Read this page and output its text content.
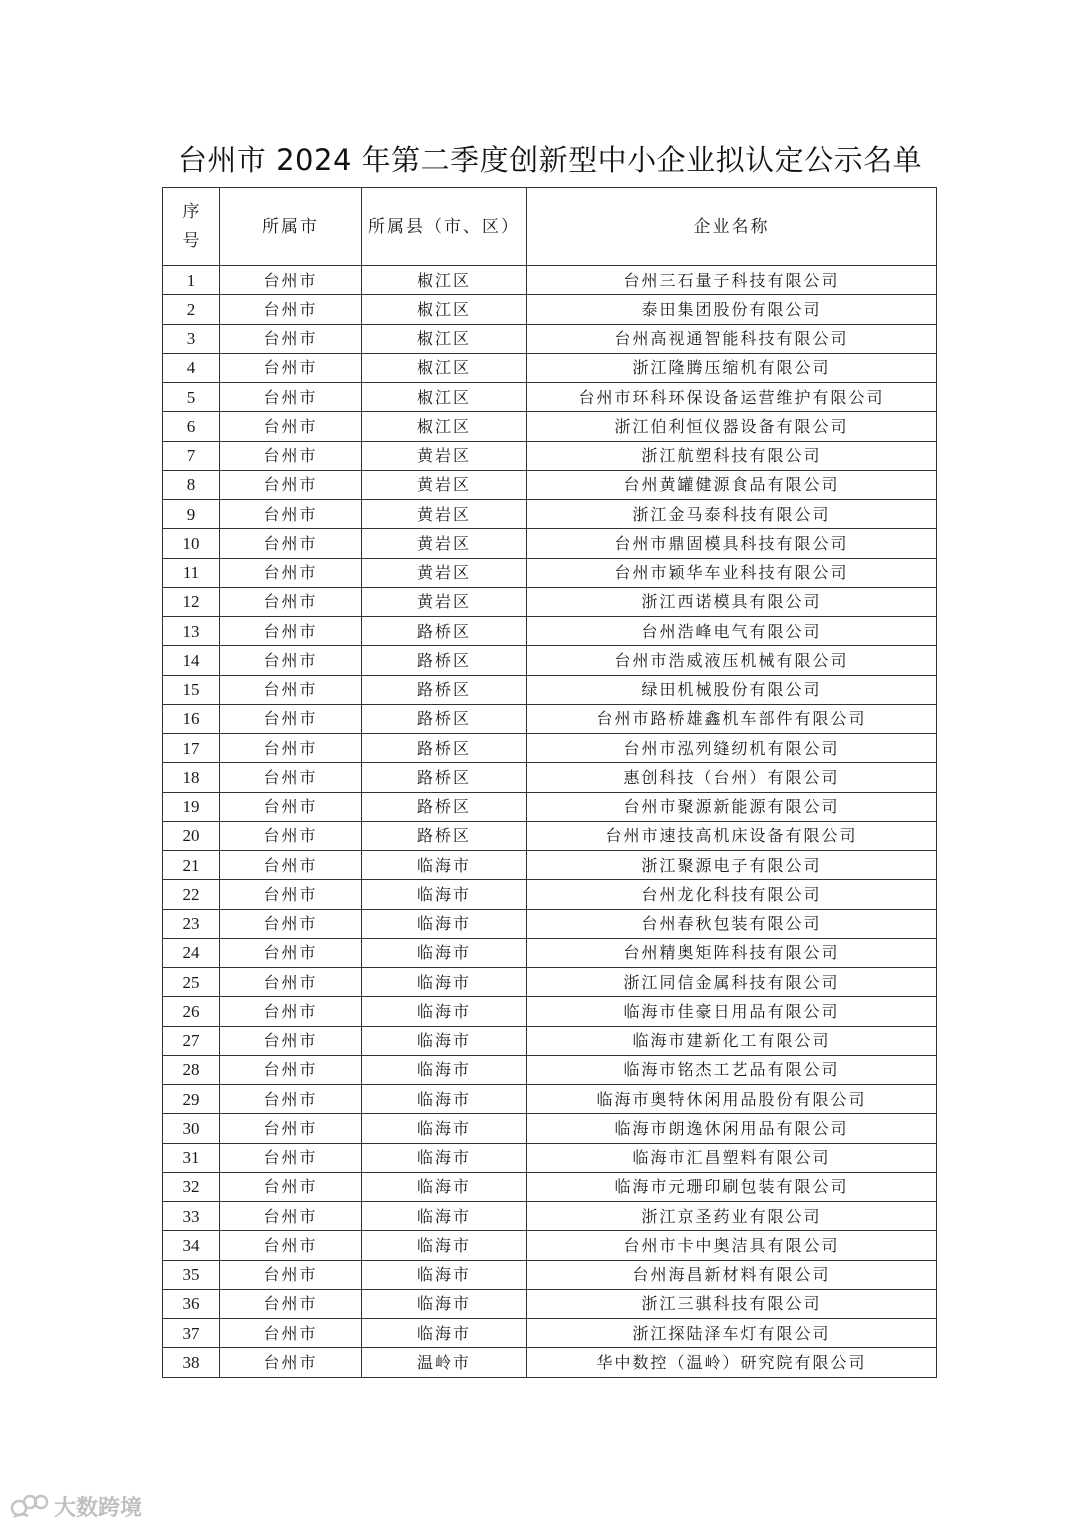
台州市 2024 年第二季度创新型中小企业拟认定公示名单
序号	所属市	所属县（市、区）	企业名称
1	台州市	椒江区	台州三石量子科技有限公司
2	台州市	椒江区	泰田集团股份有限公司
3	台州市	椒江区	台州高视通智能科技有限公司
4	台州市	椒江区	浙江隆腾压缩机有限公司
5	台州市	椒江区	台州市环科环保设备运营维护有限公司
6	台州市	椒江区	浙江伯利恒仪器设备有限公司
7	台州市	黄岩区	浙江航塑科技有限公司
8	台州市	黄岩区	台州黄罐健源食品有限公司
9	台州市	黄岩区	浙江金马泰科技有限公司
10	台州市	黄岩区	台州市鼎固模具科技有限公司
11	台州市	黄岩区	台州市颖华车业科技有限公司
12	台州市	黄岩区	浙江西诺模具有限公司
13	台州市	路桥区	台州浩峰电气有限公司
14	台州市	路桥区	台州市浩威液压机械有限公司
15	台州市	路桥区	绿田机械股份有限公司
16	台州市	路桥区	台州市路桥雄鑫机车部件有限公司
17	台州市	路桥区	台州市泓列缝纫机有限公司
18	台州市	路桥区	惠创科技（台州）有限公司
19	台州市	路桥区	台州市聚源新能源有限公司
20	台州市	路桥区	台州市速技高机床设备有限公司
21	台州市	临海市	浙江聚源电子有限公司
22	台州市	临海市	台州龙化科技有限公司
23	台州市	临海市	台州春秋包装有限公司
24	台州市	临海市	台州精奥矩阵科技有限公司
25	台州市	临海市	浙江同信金属科技有限公司
26	台州市	临海市	临海市佳豪日用品有限公司
27	台州市	临海市	临海市建新化工有限公司
28	台州市	临海市	临海市铭杰工艺品有限公司
29	台州市	临海市	临海市奥特休闲用品股份有限公司
30	台州市	临海市	临海市朗逸休闲用品有限公司
31	台州市	临海市	临海市汇昌塑料有限公司
32	台州市	临海市	临海市元珊印刷包装有限公司
33	台州市	临海市	浙江京圣药业有限公司
34	台州市	临海市	台州市卡中奥洁具有限公司
35	台州市	临海市	台州海昌新材料有限公司
36	台州市	临海市	浙江三骐科技有限公司
37	台州市	临海市	浙江探陆泽车灯有限公司
38	台州市	温岭市	华中数控（温岭）研究院有限公司
大数跨境
